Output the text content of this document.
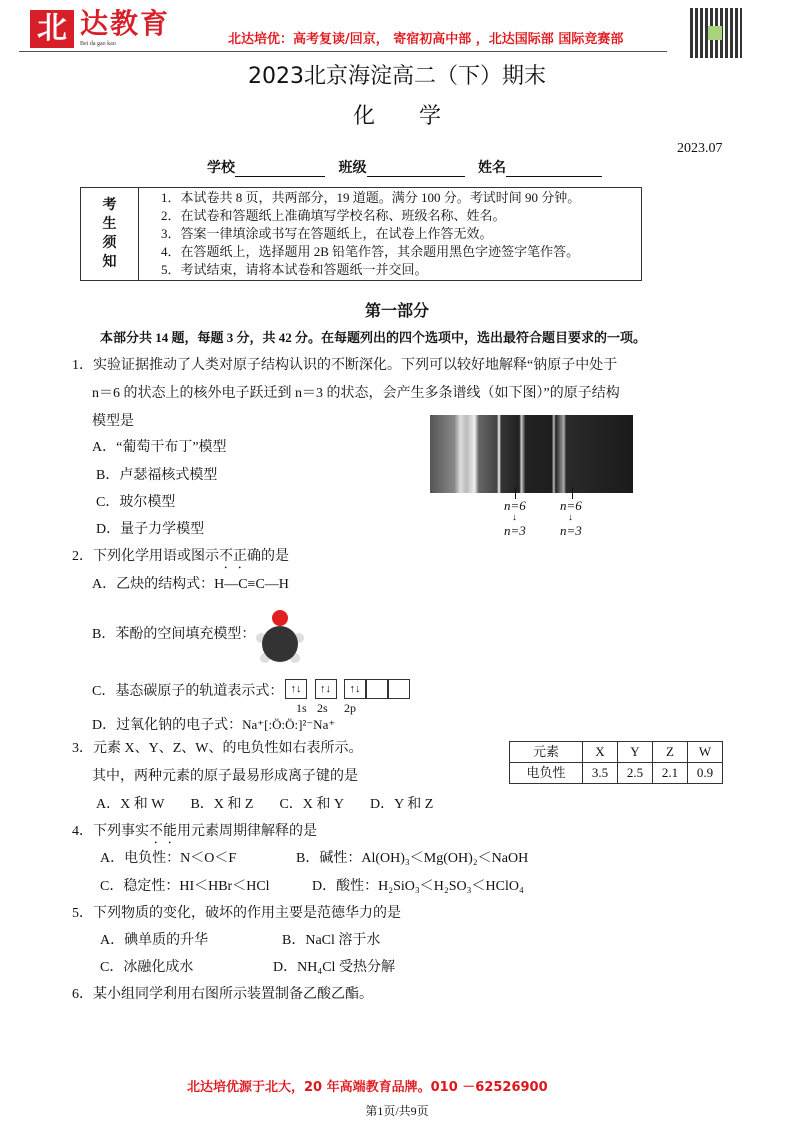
北 达教育
Bei da gao kao	北达培优：高考复读/回京， 寄宿初高中部 ，北达国际部 国际竞赛部
2023北京海淀高二（下）期末
化　　学
2023.07
学校	班级	姓名
考
生
须
知
1．本试卷共 8 页，共两部分，19 道题。满分 100 分。考试时间 90 分钟。
2．在试卷和答题纸上准确填写学校名称、班级名称、姓名。
3．答案一律填涂或书写在答题纸上，在试卷上作答无效。
4．在答题纸上，选择题用 2B 铅笔作答，其余题用黑色字迹签字笔作答。
5．考试结束，请将本试卷和答题纸一并交回。
第一部分
本部分共 14 题，每题 3 分，共 42 分。在每题列出的四个选项中，选出最符合题目要求的一项。
1．实验证据推动了人类对原子结构认识的不断深化。下列可以较好地解释“钠原子中处于
n＝6 的状态上的核外电子跃迁到 n＝3 的状态，会产生多条谱线（如下图）”的原子结构
模型是
A．“葡萄干布丁”模型
B．卢瑟福核式模型
C．玻尔模型
D．量子力学模型
n=6
↓
n=3
n=6
↓
n=3
2．下列化学用语或图示不正确的是
A．乙炔的结构式：H—C≡C—H
B．苯酚的空间填充模型：
C．基态碳原子的轨道表示式： ↑↓ ↑↓ ↑↓
1s 2s 2p
D．过氧化钠的电子式：Na⁺[:Ö:Ö:]²⁻Na⁺
3．元素 X、Y、Z、W、的电负性如右表所示。
其中，两种元素的原子最易形成离子键的是
A．X 和 W B．X 和 Z C．X 和 Y D．Y 和 Z
元素	X	Y	Z	W
电负性	3.5	2.5	2.1	0.9
4．下列事实不能用元素周期律解释的是
A．电负性：N＜O＜F	B．碱性：Al(OH)₃＜Mg(OH)₂＜NaOH
C．稳定性：HI＜HBr＜HCl	D．酸性：H₂SiO₃＜H₂SO₃＜HClO₄
5．下列物质的变化，破坏的作用主要是范德华力的是
A．碘单质的升华	B．NaCl 溶于水
C．冰融化成水	D．NH₄Cl 受热分解
6．某小组同学利用右图所示装置制备乙酸乙酯。
北达培优源于北大，20 年高端教育品牌。010 －62526900
第1页/共9页
